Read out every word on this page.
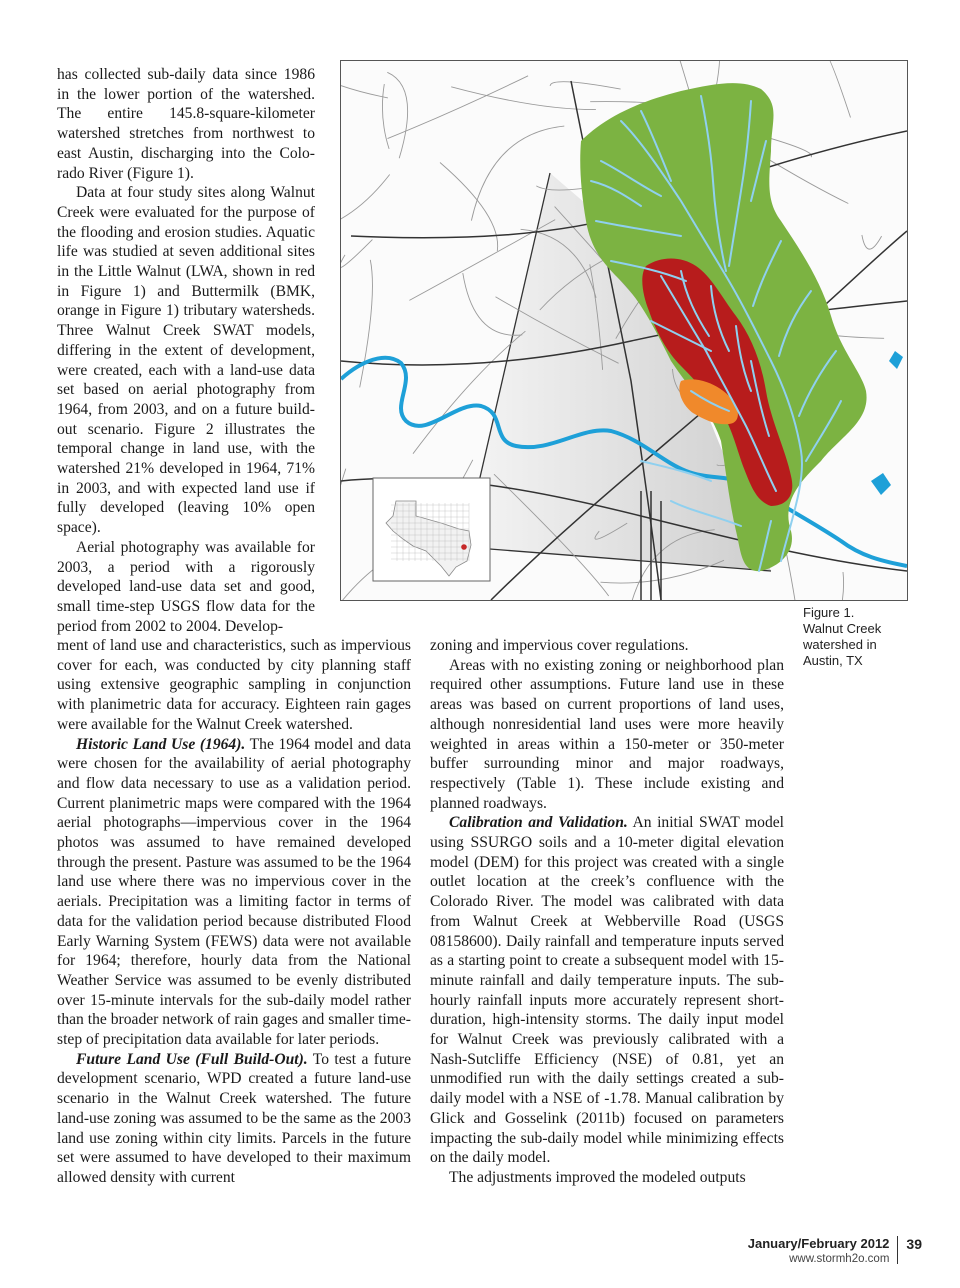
has collected sub-daily data since 1986 in the lower portion of the watershed. The entire 145.8-square-kilometer watershed stretches from northwest to east Austin, discharging into the Colorado River (Figure 1).

Data at four study sites along Walnut Creek were evaluated for the purpose of the flooding and erosion studies. Aquatic life was studied at seven additional sites in the Little Walnut (LWA, shown in red in Figure 1) and Buttermilk (BMK, orange in Figure 1) tributary watersheds. Three Walnut Creek SWAT models, differing in the extent of development, were created, each with a land-use data set based on aerial photography from 1964, from 2003, and on a future build-out scenario. Figure 2 illustrates the temporal change in land use, with the watershed 21% developed in 1964, 71% in 2003, and with expected land use if fully developed (leaving 10% open space).

Aerial photography was available for 2003, a period with a rigorously developed land-use data set and good, small time-step USGS flow data for the period from 2002 to 2004. Develop-

Figure 1.
Walnut Creek
watershed in
Austin, TX

ment of land use and characteristics, such as impervious cover for each, was conducted by city planning staff using extensive geographic sampling in conjunction with planimetric data for accuracy. Eighteen rain gages were available for the Walnut Creek watershed.

Historic Land Use (1964). The 1964 model and data were chosen for the availability of aerial photography and flow data necessary to use as a validation period. Current planimetric maps were compared with the 1964 aerial photographs—impervious cover in the 1964 photos was assumed to have remained developed through the present. Pasture was assumed to be the 1964 land use where there was no impervious cover in the aerials. Precipitation was a limiting factor in terms of data for the validation period because distributed Flood Early Warning System (FEWS) data were not available for 1964; therefore, hourly data from the National Weather Service was assumed to be evenly distributed over 15-minute intervals for the sub-daily model rather than the broader network of rain gages and smaller time-step of precipitation data available for later periods.

Future Land Use (Full Build-Out). To test a future development scenario, WPD created a future land-use scenario in the Walnut Creek watershed. The future land-use zoning was assumed to be the same as the 2003 land use zoning within city limits. Parcels in the future set were assumed to have developed to their maximum allowed density with current

zoning and impervious cover regulations.

Areas with no existing zoning or neighborhood plan required other assumptions. Future land use in these areas was based on current proportions of land uses, although nonresidential land uses were more heavily weighted in areas within a 150-meter or 350-meter buffer surrounding minor and major roadways, respectively (Table 1). These include existing and planned roadways.

Calibration and Validation. An initial SWAT model using SSURGO soils and a 10-meter digital elevation model (DEM) for this project was created with a single outlet location at the creek’s confluence with the Colorado River. The model was calibrated with data from Walnut Creek at Webberville Road (USGS 08158600). Daily rainfall and temperature inputs served as a starting point to create a subsequent model with 15-minute rainfall and daily temperature inputs. The sub-hourly rainfall inputs more accurately represent short-duration, high-intensity storms. The daily input model for Walnut Creek was previously calibrated with a Nash-Sutcliffe Efficiency (NSE) of 0.81, yet an unmodified run with the daily settings created a sub-daily model with a NSE of -1.78. Manual calibration by Glick and Gosselink (2011b) focused on parameters impacting the sub-daily model while minimizing effects on the daily model.

The adjustments improved the modeled outputs

January/February 2012
www.stormh2o.com
39
